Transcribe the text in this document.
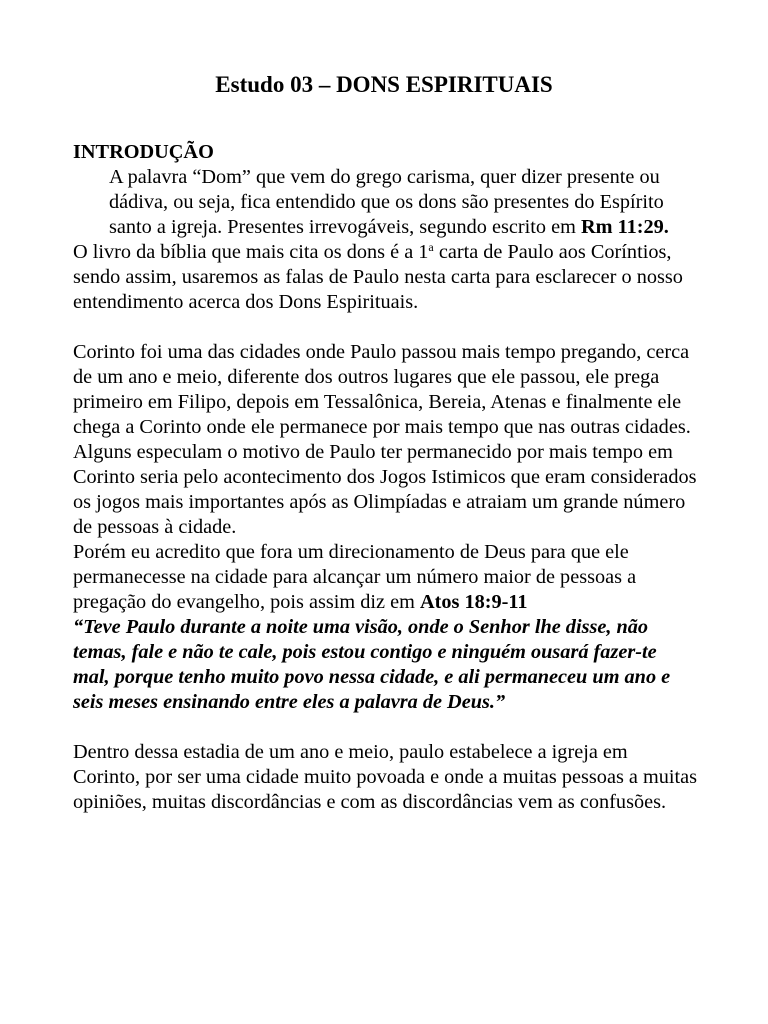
Estudo 03 – DONS ESPIRITUAIS

INTRODUÇÃO

A palavra “Dom” que vem do grego carisma, quer dizer presente ou dádiva, ou seja, fica entendido que os dons são presentes do Espírito santo a igreja. Presentes irrevogáveis, segundo escrito em Rm 11:29.

O livro da bíblia que mais cita os dons é a 1$^a$ carta de Paulo aos Coríntios, sendo assim, usaremos as falas de Paulo nesta carta para esclarecer o nosso entendimento acerca dos Dons Espirituais.

Corinto foi uma das cidades onde Paulo passou mais tempo pregando, cerca de um ano e meio, diferente dos outros lugares que ele passou, ele prega primeiro em Filipo, depois em Tessalônica, Bereia, Atenas e finalmente ele chega a Corinto onde ele permanece por mais tempo que nas outras cidades. Alguns especulam o motivo de Paulo ter permanecido por mais tempo em Corinto seria pelo acontecimento dos Jogos Istimicos que eram considerados os jogos mais importantes após as Olimpíadas e atraiam um grande número de pessoas à cidade.

Porém eu acredito que fora um direcionamento de Deus para que ele permanecesse na cidade para alcançar um número maior de pessoas a pregação do evangelho, pois assim diz em Atos 18:9-11
“Teve Paulo durante a noite uma visão, onde o Senhor lhe disse, não temas, fale e não te cale, pois estou contigo e ninguém ousará fazer-te mal, porque tenho muito povo nessa cidade, e ali permaneceu um ano e seis meses ensinando entre eles a palavra de Deus.”

Dentro dessa estadia de um ano e meio, paulo estabelece a igreja em Corinto, por ser uma cidade muito povoada e onde a muitas pessoas a muitas opiniões, muitas discordâncias e com as discordâncias vem as confusões.
